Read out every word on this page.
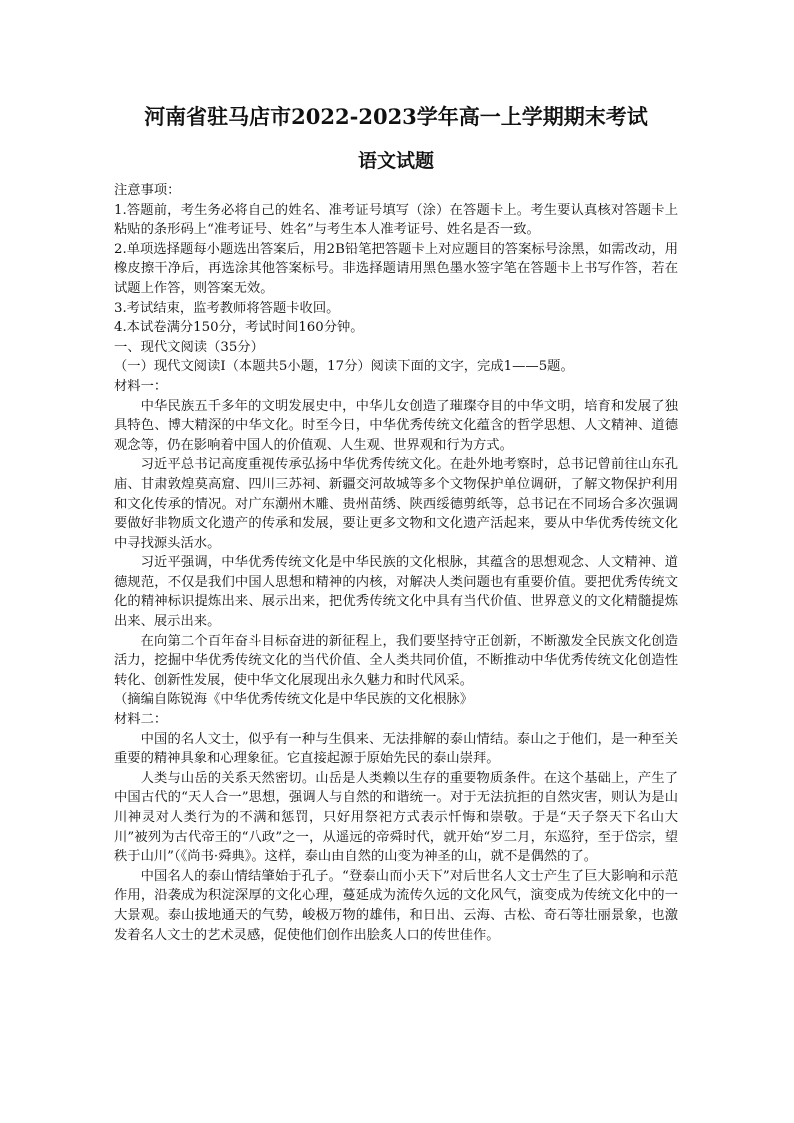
河南省驻马店市2022-2023学年高一上学期期末考试
语文试题

注意事项：

1.答题前，考生务必将自己的姓名、准考证号填写（涂）在答题卡上。考生要认真核对答题卡上粘贴的条形码上“准考证号、姓名”与考生本人准考证号、姓名是否一致。

2.单项选择题每小题选出答案后，用2B铅笔把答题卡上对应题目的答案标号涂黑，如需改动，用橡皮擦干净后，再选涂其他答案标号。非选择题请用黑色墨水签字笔在答题卡上书写作答，若在试题上作答，则答案无效。

3.考试结束，监考教师将答题卡收回。

4.本试卷满分150分，考试时间160分钟。

一、现代文阅读（35分）

（一）现代文阅读Ⅰ（本题共5小题，17分）阅读下面的文字，完成1——5题。

材料一：

中华民族五千多年的文明发展史中，中华儿女创造了璀璨夺目的中华文明，培育和发展了独具特色、博大精深的中华文化。时至今日，中华优秀传统文化蕴含的哲学思想、人文精神、道德观念等，仍在影响着中国人的价值观、人生观、世界观和行为方式。

习近平总书记高度重视传承弘扬中华优秀传统文化。在赴外地考察时，总书记曾前往山东孔庙、甘肃敦煌莫高窟、四川三苏祠、新疆交河故城等多个文物保护单位调研，了解文物保护利用和文化传承的情况。对广东潮州木雕、贵州苗绣、陕西绥德剪纸等，总书记在不同场合多次强调要做好非物质文化遗产的传承和发展，要让更多文物和文化遗产活起来，要从中华优秀传统文化中寻找源头活水。

习近平强调，中华优秀传统文化是中华民族的文化根脉，其蕴含的思想观念、人文精神、道德规范，不仅是我们中国人思想和精神的内核，对解决人类问题也有重要价值。要把优秀传统文化的精神标识提炼出来、展示出来，把优秀传统文化中具有当代价值、世界意义的文化精髓提炼出来、展示出来。

在向第二个百年奋斗目标奋进的新征程上，我们要坚持守正创新，不断激发全民族文化创造活力，挖掘中华优秀传统文化的当代价值、全人类共同价值，不断推动中华优秀传统文化创造性转化、创新性发展，使中华文化展现出永久魅力和时代风采。

（摘编自陈锐海《中华优秀传统文化是中华民族的文化根脉》

材料二：

中国的名人文士，似乎有一种与生俱来、无法排解的泰山情结。泰山之于他们，是一种至关重要的精神具象和心理象征。它直接起源于原始先民的泰山崇拜。

人类与山岳的关系天然密切。山岳是人类赖以生存的重要物质条件。在这个基础上，产生了中国古代的“天人合一”思想，强调人与自然的和谐统一。对于无法抗拒的自然灾害，则认为是山川神灵对人类行为的不满和惩罚，只好用祭祀方式表示忏悔和崇敬。于是“天子祭天下名山大川”被列为古代帝王的“八政”之一，从遥远的帝舜时代，就开始“岁二月，东巡狩，至于岱宗，望秩于山川”（《尚书·舜典》。这样，泰山由自然的山变为神圣的山，就不是偶然的了。

中国名人的泰山情结肇始于孔子。“登泰山而小天下”对后世名人文士产生了巨大影响和示范作用，沿袭成为积淀深厚的文化心理，蔓延成为流传久远的文化风气，演变成为传统文化中的一大景观。泰山拔地通天的气势，峻极万物的雄伟，和日出、云海、古松、奇石等壮丽景象，也激发着名人文士的艺术灵感，促使他们创作出脍炙人口的传世佳作。
